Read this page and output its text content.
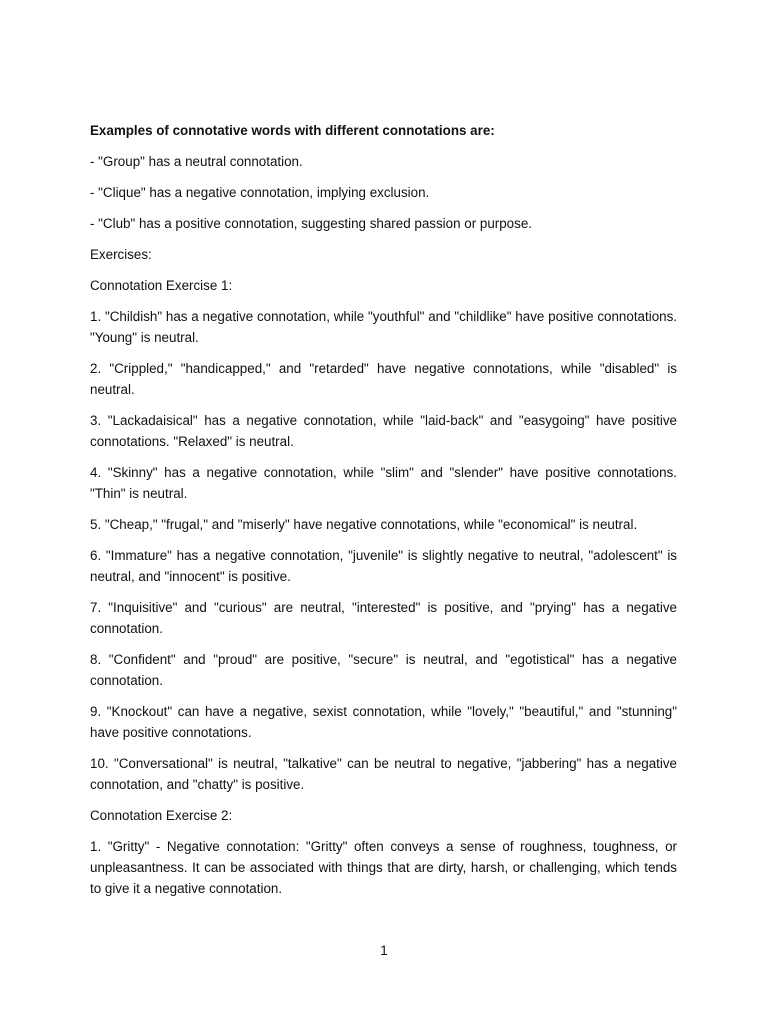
Examples of connotative words with different connotations are:

- "Group" has a neutral connotation.

- "Clique" has a negative connotation, implying exclusion.

- "Club" has a positive connotation, suggesting shared passion or purpose.

Exercises:

Connotation Exercise 1:

1. "Childish" has a negative connotation, while "youthful" and "childlike" have positive connotations. "Young" is neutral.

2. "Crippled," "handicapped," and "retarded" have negative connotations, while "disabled" is neutral.

3. "Lackadaisical" has a negative connotation, while "laid-back" and "easygoing" have positive connotations. "Relaxed" is neutral.

4. "Skinny" has a negative connotation, while "slim" and "slender" have positive connotations. "Thin" is neutral.

5. "Cheap," "frugal," and "miserly" have negative connotations, while "economical" is neutral.

6. "Immature" has a negative connotation, "juvenile" is slightly negative to neutral, "adolescent" is neutral, and "innocent" is positive.

7. "Inquisitive" and "curious" are neutral, "interested" is positive, and "prying" has a negative connotation.

8. "Confident" and "proud" are positive, "secure" is neutral, and "egotistical" has a negative connotation.

9. "Knockout" can have a negative, sexist connotation, while "lovely," "beautiful," and "stunning" have positive connotations.

10. "Conversational" is neutral, "talkative" can be neutral to negative, "jabbering" has a negative connotation, and "chatty" is positive.

Connotation Exercise 2:

1. "Gritty" - Negative connotation: "Gritty" often conveys a sense of roughness, toughness, or unpleasantness. It can be associated with things that are dirty, harsh, or challenging, which tends to give it a negative connotation.

1
